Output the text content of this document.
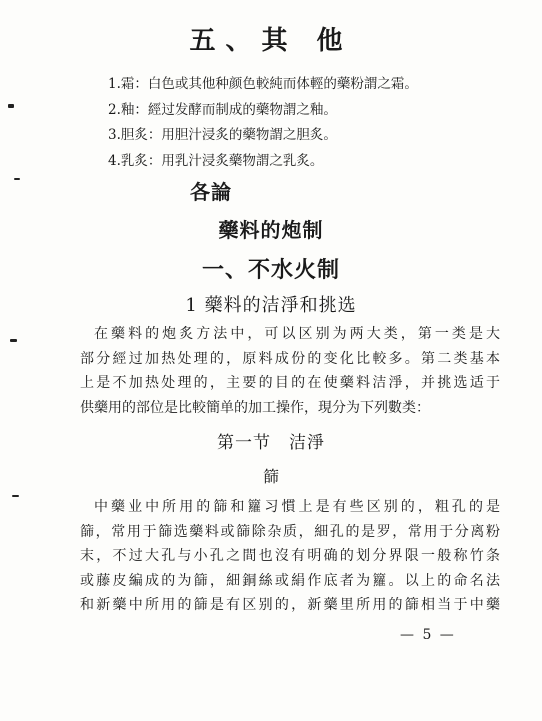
五、其 他
1.霜：白色或其他种颜色較純而体輕的藥粉謂之霜。
2.釉：經过发酵而制成的藥物謂之釉。
3.胆炙：用胆汁浸炙的藥物謂之胆炙。
4.乳炙：用乳汁浸炙藥物謂之乳炙。
各論
藥料的炮制
一、不水火制
1 藥料的洁淨和挑选
在藥料的炮炙方法中，可以区别为两大类，第一类是大
部分經过加热处理的，原料成份的变化比較多。第二类基本
上是不加热处理的，主要的目的在使藥料洁淨，并挑选适于
供藥用的部位是比較簡单的加工操作，現分为下列數类：
第一节　洁淨
篩
中藥业中所用的篩和籮习慣上是有些区别的，粗孔的是
篩，常用于篩选藥料或篩除杂质，細孔的是罗，常用于分离粉
末，不过大孔与小孔之間也沒有明确的划分界限一般称竹条
或藤皮編成的为篩，細銅絲或絹作底者为籮。以上的命名法
和新藥中所用的篩是有区别的，新藥里所用的篩相当于中藥
— 5 —
